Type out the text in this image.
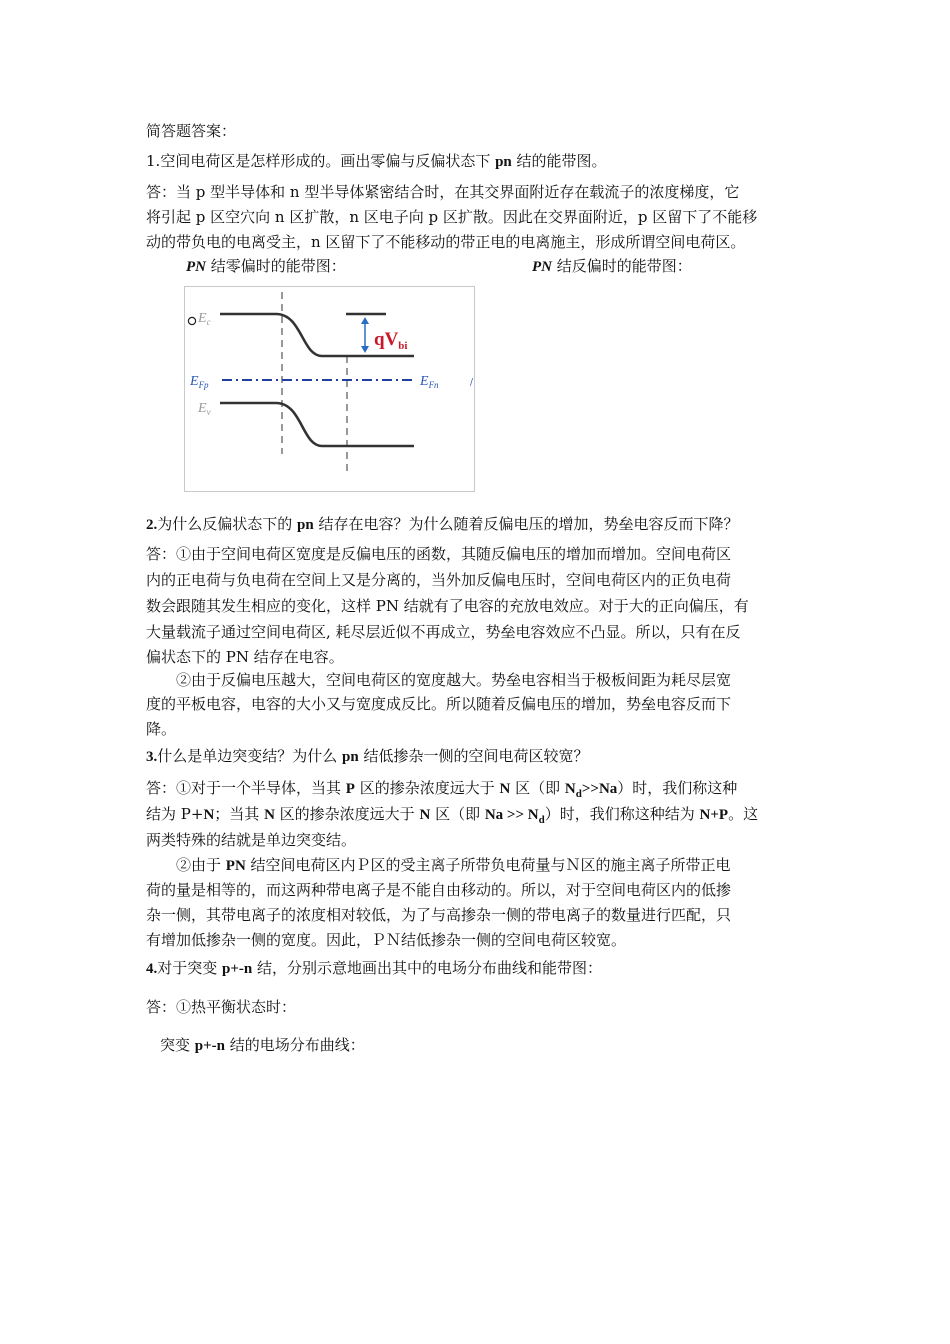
简答题答案：
1.空间电荷区是怎样形成的。画出零偏与反偏状态下 pn 结的能带图。
答：当 p 型半导体和 n 型半导体紧密结合时，在其交界面附近存在载流子的浓度梯度，它
将引起 p 区空穴向 n 区扩散，n 区电子向 p 区扩散。因此在交界面附近，p 区留下了不能移
动的带负电的电离受主，n 区留下了不能移动的带正电的电离施主，形成所谓空间电荷区。
PN 结零偏时的能带图：	PN 结反偏时的能带图：
$E_c$
$E_v$
$E_{Fp}$	$E_{Fn}$
$qV_{bi}$
/
2.为什么反偏状态下的 pn 结存在电容？为什么随着反偏电压的增加，势垒电容反而下降？
答：①由于空间电荷区宽度是反偏电压的函数，其随反偏电压的增加而增加。空间电荷区
内的正电荷与负电荷在空间上又是分离的，当外加反偏电压时，空间电荷区内的正负电荷
数会跟随其发生相应的变化，这样 PN 结就有了电容的充放电效应。对于大的正向偏压，有
大量载流子通过空间电荷区, 耗尽层近似不再成立，势垒电容效应不凸显。所以，只有在反
偏状态下的 PN 结存在电容。
②由于反偏电压越大，空间电荷区的宽度越大。势垒电容相当于极板间距为耗尽层宽
度的平板电容，电容的大小又与宽度成反比。所以随着反偏电压的增加，势垒电容反而下
降。
3.什么是单边突变结？为什么 pn 结低掺杂一侧的空间电荷区较宽？
答：①对于一个半导体，当其 P 区的掺杂浓度远大于 N 区（即 $N_d>>Na$）时，我们称这种
结为 P+N；当其 N 区的掺杂浓度远大于 N 区（即 $Na >> N_d$）时，我们称这种结为 N+P。这
两类特殊的结就是单边突变结。
②由于 PN 结空间电荷区内Ｐ区的受主离子所带负电荷量与Ｎ区的施主离子所带正电
荷的量是相等的，而这两种带电离子是不能自由移动的。所以，对于空间电荷区内的低掺
杂一侧，其带电离子的浓度相对较低，为了与高掺杂一侧的带电离子的数量进行匹配，只
有增加低掺杂一侧的宽度。因此，ＰＮ结低掺杂一侧的空间电荷区较宽。
4.对于突变 p+-n 结，分别示意地画出其中的电场分布曲线和能带图：
答：①热平衡状态时：
突变 p+-n 结的电场分布曲线：
